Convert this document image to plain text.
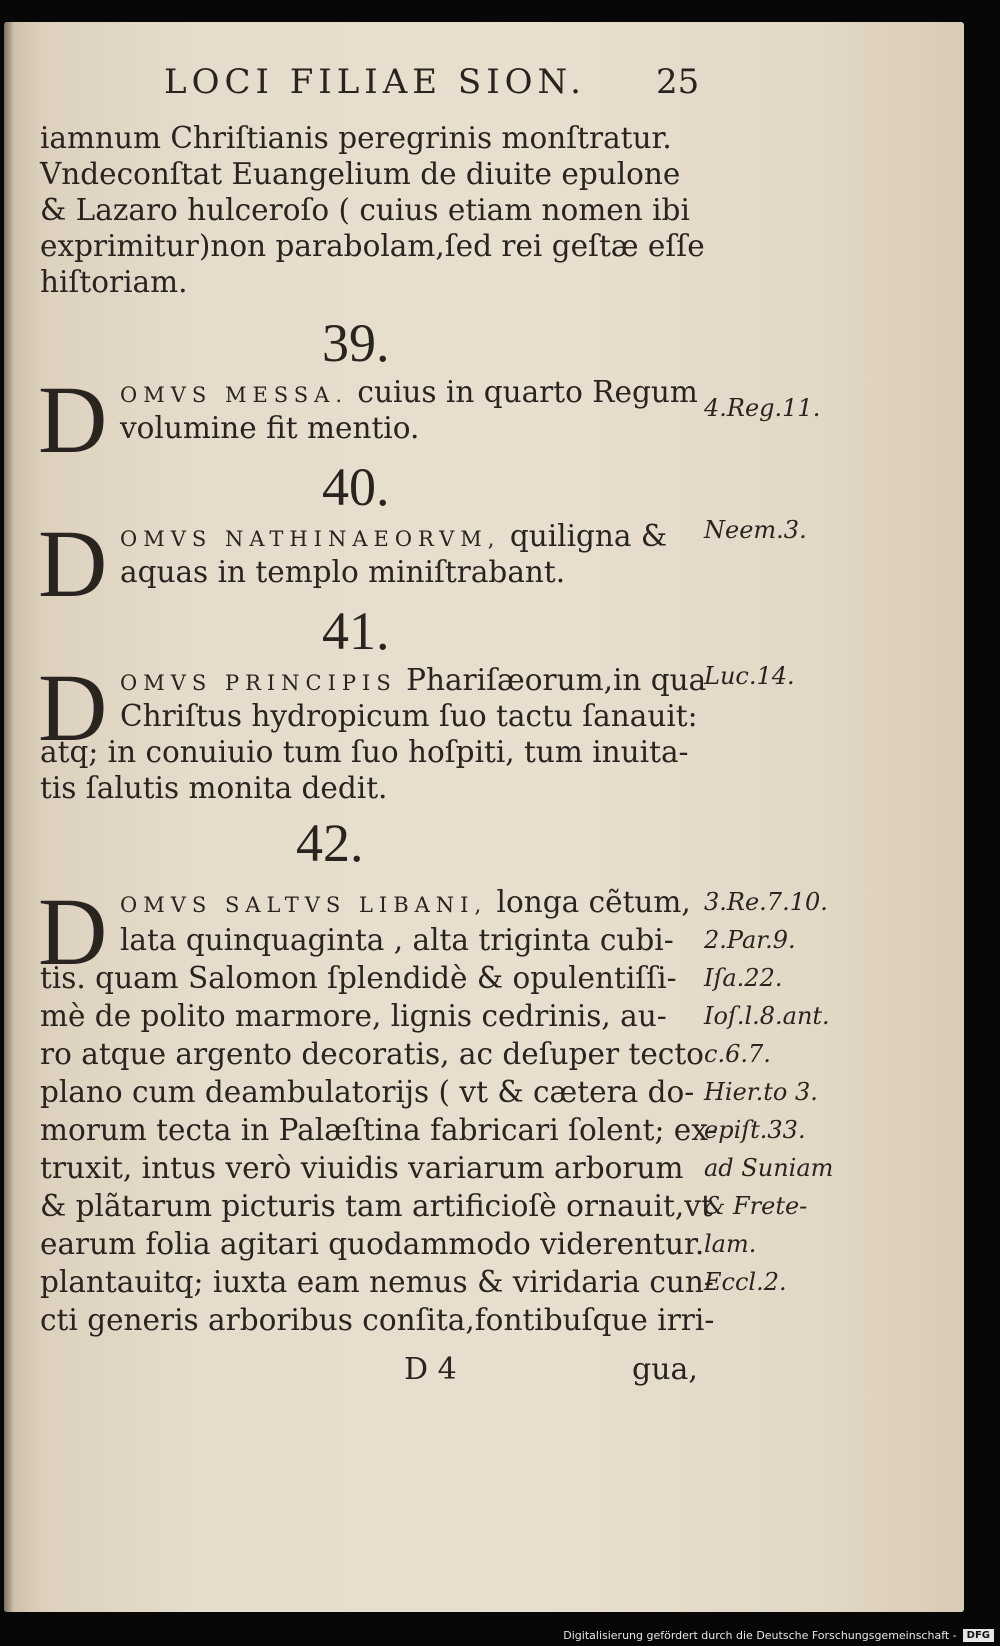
LOCI FILIAE SION. 25
iamnum Chriſtianis peregrinis monſtratur.
Vndeconſtat Euangelium de diuite epulone
& Lazaro hulceroſo ( cuius etiam nomen ibi
exprimitur)non parabolam,ſed rei geſtæ eſſe
hiſtoriam.
39.
D OMVS MESSA. cuius in quarto Regum
volumine fit mentio.
4.Reg.11.
40.
D OMVS NATHINAEORVM, quiligna &
aquas in templo miniſtrabant.
Neem.3.
41.
D OMVS PRINCIPIS Phariſæorum,in qua
Chriſtus hydropicum ſuo tactu ſanauit:
atq; in conuiuio tum ſuo hoſpiti, tum inuita-
tis ſalutis monita dedit.
Luc.14.
42.
D OMVS SALTVS LIBANI, longa cẽtum,
lata quinquaginta , alta triginta cubi-
tis. quam Salomon ſplendidè & opulentiſſi-
mè de polito marmore, lignis cedrinis, au-
ro atque argento decoratis, ac deſuper tecto
plano cum deambulatorijs ( vt & cætera do-
morum tecta in Palæſtina fabricari ſolent; ex-
truxit, intus verò viuidis variarum arborum
& plãtarum picturis tam artificioſè ornauit,vt
earum folia agitari quodammodo viderentur.
plantauitq; iuxta eam nemus & viridaria cun-
cti generis arboribus conſita,fontibuſque irri-
3.Re.7.10.
2.Par.9.
Iſa.22.
Ioſ.l.8.ant.
c.6.7.
Hier.to 3.
epiſt.33.
ad Suniam
& Frete-
lam.
Eccl.2.
D 4	gua,
Digitalisierung gefördert durch die Deutsche Forschungsgemeinschaft -	DFG
